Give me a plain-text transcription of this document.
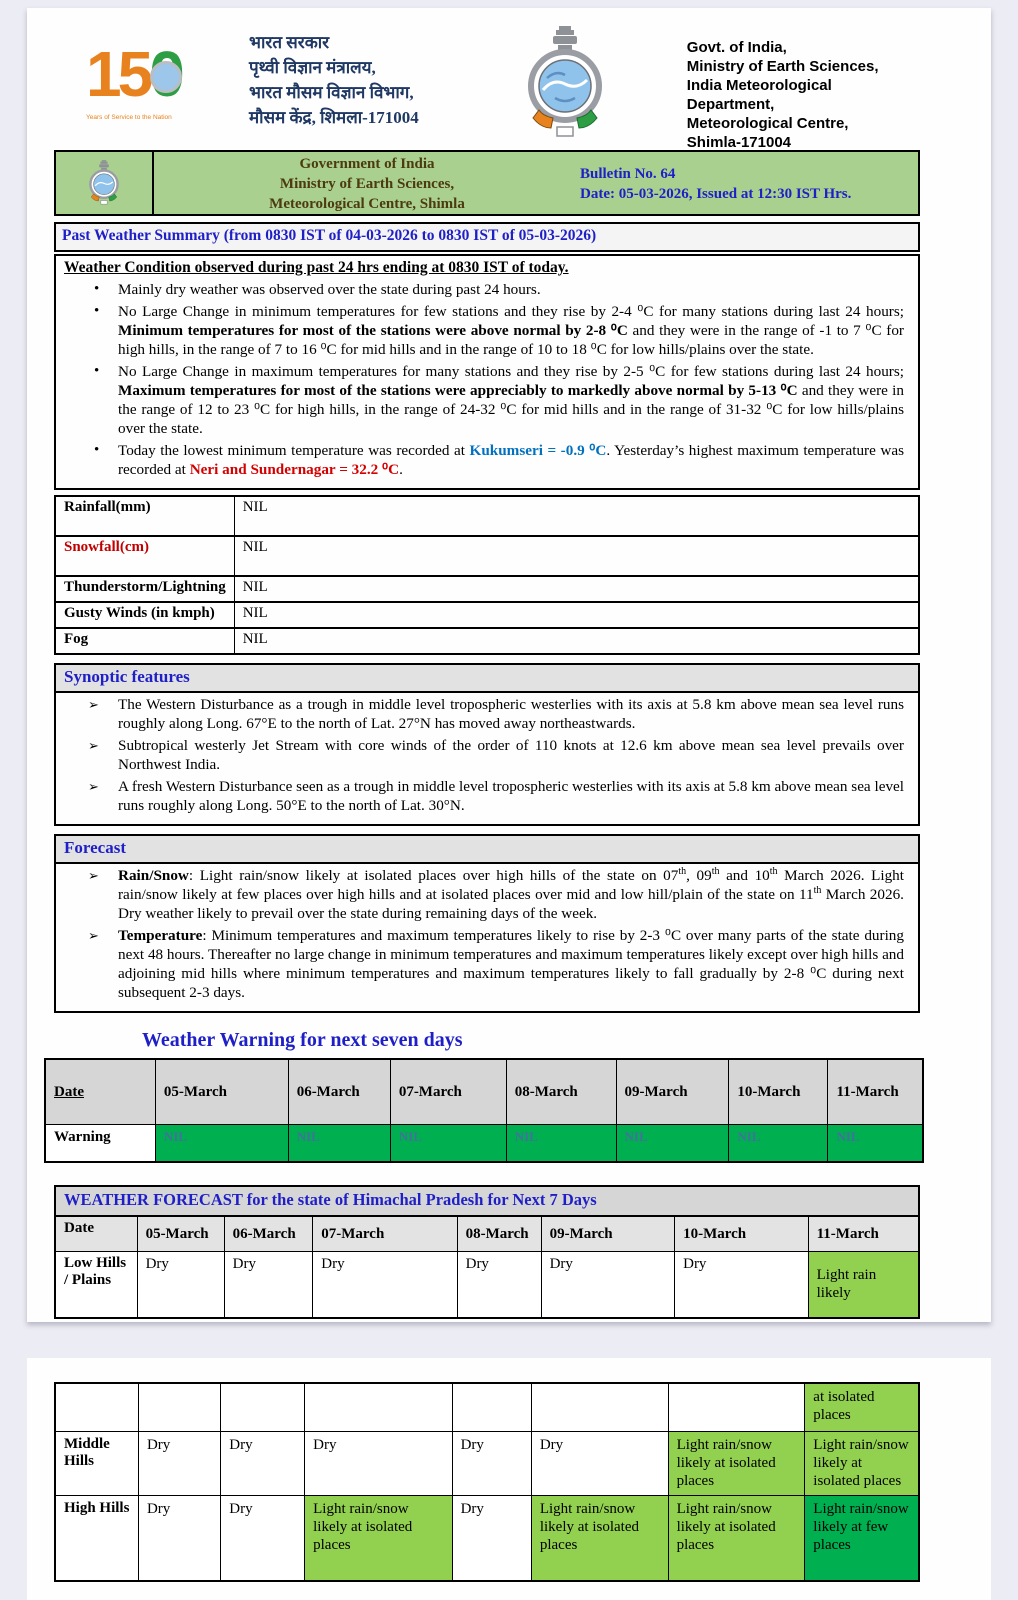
15
Years of Service to the Nation
भारत सरकार
पृथ्वी विज्ञान मंत्रालय,
भारत मौसम विज्ञान विभाग,
मौसम केंद्र, शिमला-171004
Govt. of India,
Ministry of Earth Sciences,
India Meteorological Department,
Meteorological Centre,
Shimla-171004
Government of India
Ministry of Earth Sciences,
Meteorological Centre, Shimla
Bulletin No. 64
Date: 05-03-2026, Issued at 12:30 IST Hrs.
Past Weather Summary (from 0830 IST of 04-03-2026 to 0830 IST of 05-03-2026)
Weather Condition observed during past 24 hrs ending at 0830 IST of today.
• Mainly dry weather was observed over the state during past 24 hours.
• No Large Change in minimum temperatures for few stations and they rise by 2-4 ⁰C for many stations during last 24 hours; Minimum temperatures for most of the stations were above normal by 2-8 ⁰C and they were in the range of -1 to 7 ⁰C for high hills, in the range of 7 to 16 ⁰C for mid hills and in the range of 10 to 18 ⁰C for low hills/plains over the state.
• No Large Change in maximum temperatures for many stations and they rise by 2-5 ⁰C for few stations during last 24 hours; Maximum temperatures for most of the stations were appreciably to markedly above normal by 5-13 ⁰C and they were in the range of 12 to 23 ⁰C for high hills, in the range of 24-32 ⁰C for mid hills and in the range of 31-32 ⁰C for low hills/plains over the state.
• Today the lowest minimum temperature was recorded at Kukumseri = -0.9 ⁰C. Yesterday’s highest maximum temperature was recorded at Neri and Sundernagar = 32.2 ⁰C.
Rainfall(mm)	NIL
Snowfall(cm)	NIL
Thunderstorm/Lightning	NIL
Gusty Winds (in kmph)	NIL
Fog	NIL
Synoptic features
➢ The Western Disturbance as a trough in middle level tropospheric westerlies with its axis at 5.8 km above mean sea level runs roughly along Long. 67°E to the north of Lat. 27°N has moved away northeastwards.
➢ Subtropical westerly Jet Stream with core winds of the order of 110 knots at 12.6 km above mean sea level prevails over Northwest India.
➢ A fresh Western Disturbance seen as a trough in middle level tropospheric westerlies with its axis at 5.8 km above mean sea level runs roughly along Long. 50°E to the north of Lat. 30°N.
Forecast
➢ Rain/Snow: Light rain/snow likely at isolated places over high hills of the state on 07th, 09th and 10th March 2026. Light rain/snow likely at few places over high hills and at isolated places over mid and low hill/plain of the state on 11th March 2026. Dry weather likely to prevail over the state during remaining days of the week.
➢ Temperature: Minimum temperatures and maximum temperatures likely to rise by 2-3 ⁰C over many parts of the state during next 48 hours. Thereafter no large change in minimum temperatures and maximum temperatures likely except over high hills and adjoining mid hills where minimum temperatures and maximum temperatures likely to fall gradually by 2-8 ⁰C during next subsequent 2-3 days.
Weather Warning for next seven days
Date	05-March	06-March	07-March	08-March	09-March	10-March	11-March
Warning	NIL	NIL	NIL	NIL	NIL	NIL	NIL
WEATHER FORECAST for the state of Himachal Pradesh for Next 7 Days							
Date	05-March	06-March	07-March	08-March	09-March	10-March	11-March
Low Hills / Plains	Dry	Dry	Dry	Dry	Dry	Dry	Light rain likely
							at isolated places
Middle Hills	Dry	Dry	Dry	Dry	Dry	Light rain/snow likely at isolated places	Light rain/snow likely at isolated places
High Hills	Dry	Dry	Light rain/snow likely at isolated places	Dry	Light rain/snow likely at isolated places	Light rain/snow likely at isolated places	Light rain/snow likely at few places
